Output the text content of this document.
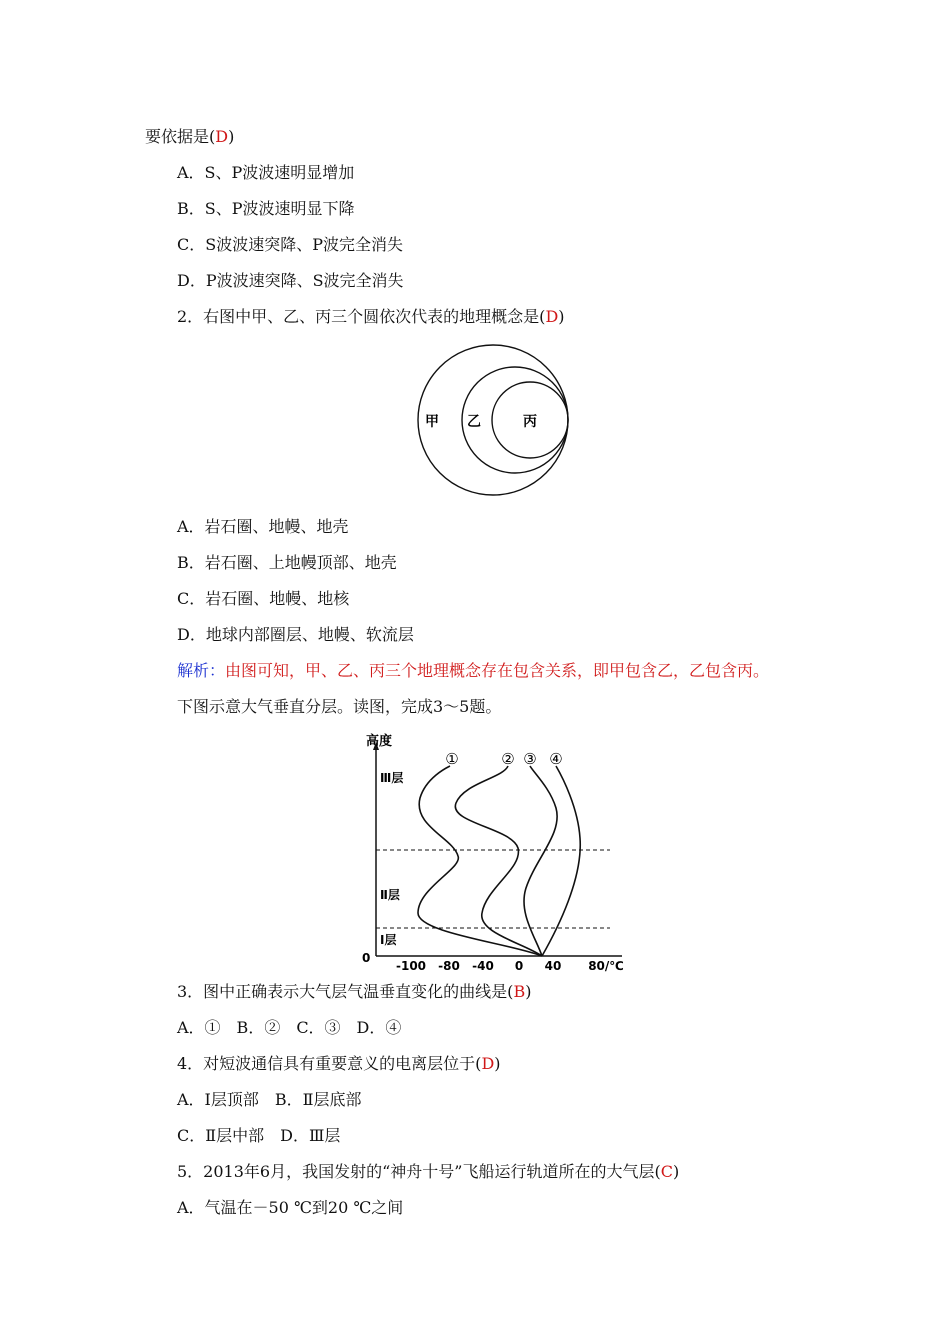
要依据是(D)
A．S、P波波速明显增加
B．S、P波波速明显下降
C．S波波速突降、P波完全消失
D．P波波速突降、S波完全消失
2．右图中甲、乙、丙三个圆依次代表的地理概念是(D)
甲 乙	丙
A．岩石圈、地幔、地壳
B．岩石圈、上地幔顶部、地壳
C．岩石圈、地幔、地核
D．地球内部圈层、地幔、软流层
解析：由图可知，甲、乙、丙三个地理概念存在包含关系，即甲包含乙，乙包含丙。
下图示意大气垂直分层。读图，完成3～5题。
高度
Ⅲ层
Ⅱ层
Ⅰ层
0
-100 -80 -40 0 40 80/℃
①	② ③ ④
3．图中正确表示大气层气温垂直变化的曲线是(B)
A．①　B．②　C．③　D．④
4．对短波通信具有重要意义的电离层位于(D)
A．Ⅰ层顶部　B．Ⅱ层底部
C．Ⅱ层中部　D．Ⅲ层
5．2013年6月，我国发射的“神舟十号”飞船运行轨道所在的大气层(C)
A．气温在－50 ℃到20 ℃之间
